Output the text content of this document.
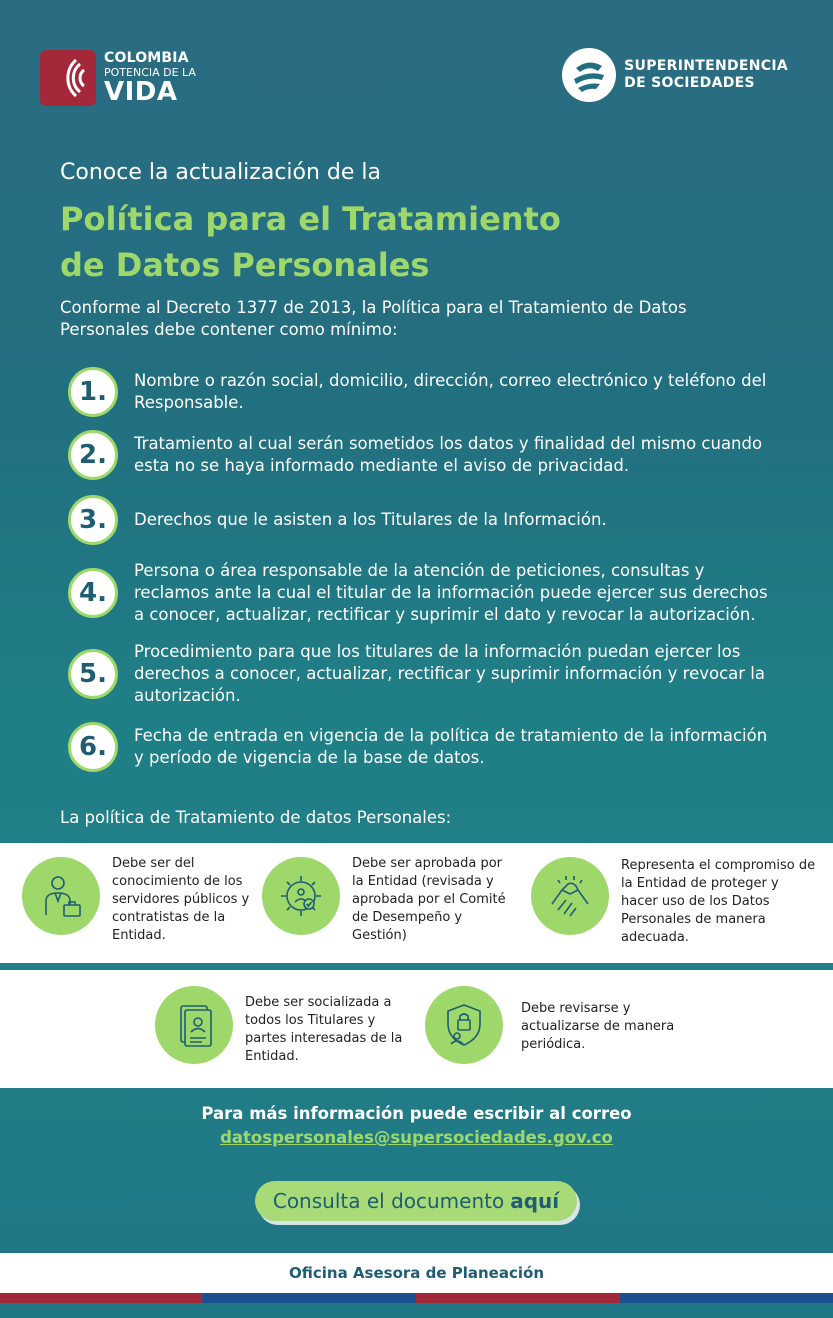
COLOMBIA
POTENCIA DE LA
VIDA
SUPERINTENDENCIA
DE SOCIEDADES
Conoce la actualización de la
Política para el Tratamiento
de Datos Personales
Conforme al Decreto 1377 de 2013, la Política para el Tratamiento de Datos Personales debe contener como mínimo:
1.	Nombre o razón social, domicilio, dirección, correo electrónico y teléfono del Responsable.
2.	Tratamiento al cual serán sometidos los datos y finalidad del mismo cuando esta no se haya informado mediante el aviso de privacidad.
3.	Derechos que le asisten a los Titulares de la Información.
4.
Persona o área responsable de la atención de peticiones, consultas y reclamos ante la cual el titular de la información puede ejercer sus derechos a conocer, actualizar, rectificar y suprimir el dato y revocar la autorización.
5.
Procedimiento para que los titulares de la información puedan ejercer los derechos a conocer, actualizar, rectificar y suprimir información y revocar la autorización.
6.	Fecha de entrada en vigencia de la política de tratamiento de la información y período de vigencia de la base de datos.
La política de Tratamiento de datos Personales:
Debe ser del conocimiento de los servidores públicos y contratistas de la Entidad.
Debe ser aprobada por la Entidad (revisada y aprobada por el Comité de Desempeño y Gestión)
Representa el compromiso de la Entidad de proteger y hacer uso de los Datos Personales de manera adecuada.
Debe ser socializada a todos los Titulares y partes interesadas de la Entidad.
Debe revisarse y actualizarse de manera periódica.
Para más información puede escribir al correo
datospersonales@supersociedades.gov.co
Consulta el documento aquí
Oficina Asesora de Planeación
